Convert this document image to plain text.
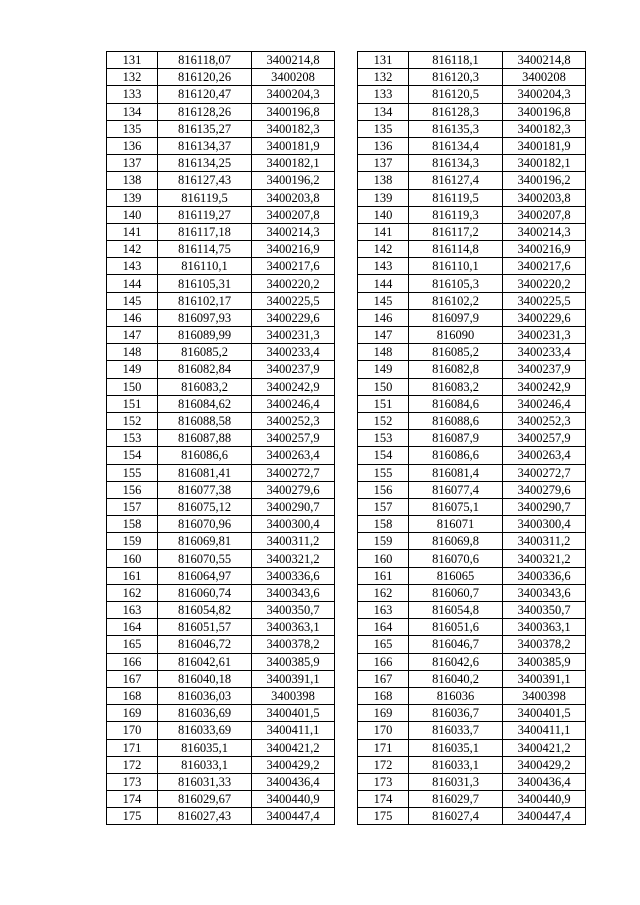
131	816118,07	3400214,8		131	816118,1	3400214,8
132	816120,26	3400208		132	816120,3	3400208
133	816120,47	3400204,3		133	816120,5	3400204,3
134	816128,26	3400196,8		134	816128,3	3400196,8
135	816135,27	3400182,3		135	816135,3	3400182,3
136	816134,37	3400181,9		136	816134,4	3400181,9
137	816134,25	3400182,1		137	816134,3	3400182,1
138	816127,43	3400196,2		138	816127,4	3400196,2
139	816119,5	3400203,8		139	816119,5	3400203,8
140	816119,27	3400207,8		140	816119,3	3400207,8
141	816117,18	3400214,3		141	816117,2	3400214,3
142	816114,75	3400216,9		142	816114,8	3400216,9
143	816110,1	3400217,6		143	816110,1	3400217,6
144	816105,31	3400220,2		144	816105,3	3400220,2
145	816102,17	3400225,5		145	816102,2	3400225,5
146	816097,93	3400229,6		146	816097,9	3400229,6
147	816089,99	3400231,3		147	816090	3400231,3
148	816085,2	3400233,4		148	816085,2	3400233,4
149	816082,84	3400237,9		149	816082,8	3400237,9
150	816083,2	3400242,9		150	816083,2	3400242,9
151	816084,62	3400246,4		151	816084,6	3400246,4
152	816088,58	3400252,3		152	816088,6	3400252,3
153	816087,88	3400257,9		153	816087,9	3400257,9
154	816086,6	3400263,4		154	816086,6	3400263,4
155	816081,41	3400272,7		155	816081,4	3400272,7
156	816077,38	3400279,6		156	816077,4	3400279,6
157	816075,12	3400290,7		157	816075,1	3400290,7
158	816070,96	3400300,4		158	816071	3400300,4
159	816069,81	3400311,2		159	816069,8	3400311,2
160	816070,55	3400321,2		160	816070,6	3400321,2
161	816064,97	3400336,6		161	816065	3400336,6
162	816060,74	3400343,6		162	816060,7	3400343,6
163	816054,82	3400350,7		163	816054,8	3400350,7
164	816051,57	3400363,1		164	816051,6	3400363,1
165	816046,72	3400378,2		165	816046,7	3400378,2
166	816042,61	3400385,9		166	816042,6	3400385,9
167	816040,18	3400391,1		167	816040,2	3400391,1
168	816036,03	3400398		168	816036	3400398
169	816036,69	3400401,5		169	816036,7	3400401,5
170	816033,69	3400411,1		170	816033,7	3400411,1
171	816035,1	3400421,2		171	816035,1	3400421,2
172	816033,1	3400429,2		172	816033,1	3400429,2
173	816031,33	3400436,4		173	816031,3	3400436,4
174	816029,67	3400440,9		174	816029,7	3400440,9
175	816027,43	3400447,4		175	816027,4	3400447,4
